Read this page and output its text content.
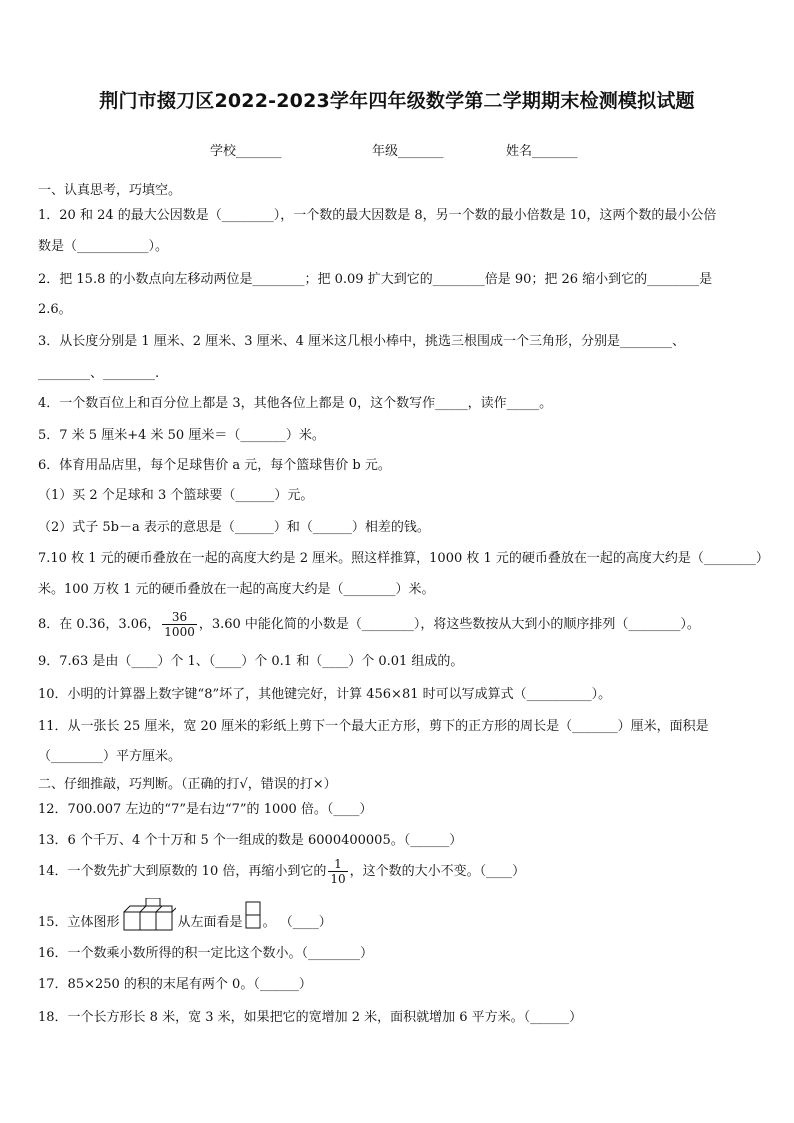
荆门市掇刀区2022-2023学年四年级数学第二学期期末检测模拟试题
学校_______	年级_______	姓名_______
一、认真思考，巧填空。
1．20 和 24 的最大公因数是（________），一个数的最大因数是 8，另一个数的最小倍数是 10，这两个数的最小公倍
数是（___________）。
2．把 15.8 的小数点向左移动两位是________；把 0.09 扩大到它的________倍是 90；把 26 缩小到它的________是
2.6。
3．从长度分别是 1 厘米、2 厘米、3 厘米、4 厘米这几根小棒中，挑选三根围成一个三角形，分别是________、
________、________.
4．一个数百位上和百分位上都是 3，其他各位上都是 0，这个数写作_____，读作_____。
5．7 米 5 厘米+4 米 50 厘米＝（_______）米。
6．体育用品店里，每个足球售价 a 元，每个篮球售价 b 元。
（1）买 2 个足球和 3 个篮球要（______）元。
（2）式子 5b－a 表示的意思是（______）和（______）相差的钱。
7.10 枚 1 元的硬币叠放在一起的高度大约是 2 厘米。照这样推算，1000 枚 1 元的硬币叠放在一起的高度大约是（________）
米。100 万枚 1 元的硬币叠放在一起的高度大约是（________）米。
8．在 0.36，3.06， $\frac{36}{1000}$ ，3.60 中能化简的小数是（________），将这些数按从大到小的顺序排列（________）。
9．7.63 是由（____）个 1、（____）个 0.1 和（____）个 0.01 组成的。
10．小明的计算器上数字键“8”坏了，其他键完好，计算 456×81 时可以写成算式（__________）。
11．从一张长 25 厘米，宽 20 厘米的彩纸上剪下一个最大正方形，剪下的正方形的周长是（_______）厘米，面积是
（________）平方厘米。
二、仔细推敲，巧判断。（正确的打√，错误的打×）
12．700.007 左边的“7”是右边“7”的 1000 倍。（____）
13．6 个千万、4 个十万和 5 个一组成的数是 6000400005。（______）
14．一个数先扩大到原数的 10 倍，再缩小到它的 $\frac{1}{10}$ ，这个数的大小不变。（____）
15．立体图形	从左面看是 。 （____）
16．一个数乘小数所得的积一定比这个数小。（________）
17．85×250 的积的末尾有两个 0。（______）
18．一个长方形长 8 米，宽 3 米，如果把它的宽增加 2 米，面积就增加 6 平方米。（______）
